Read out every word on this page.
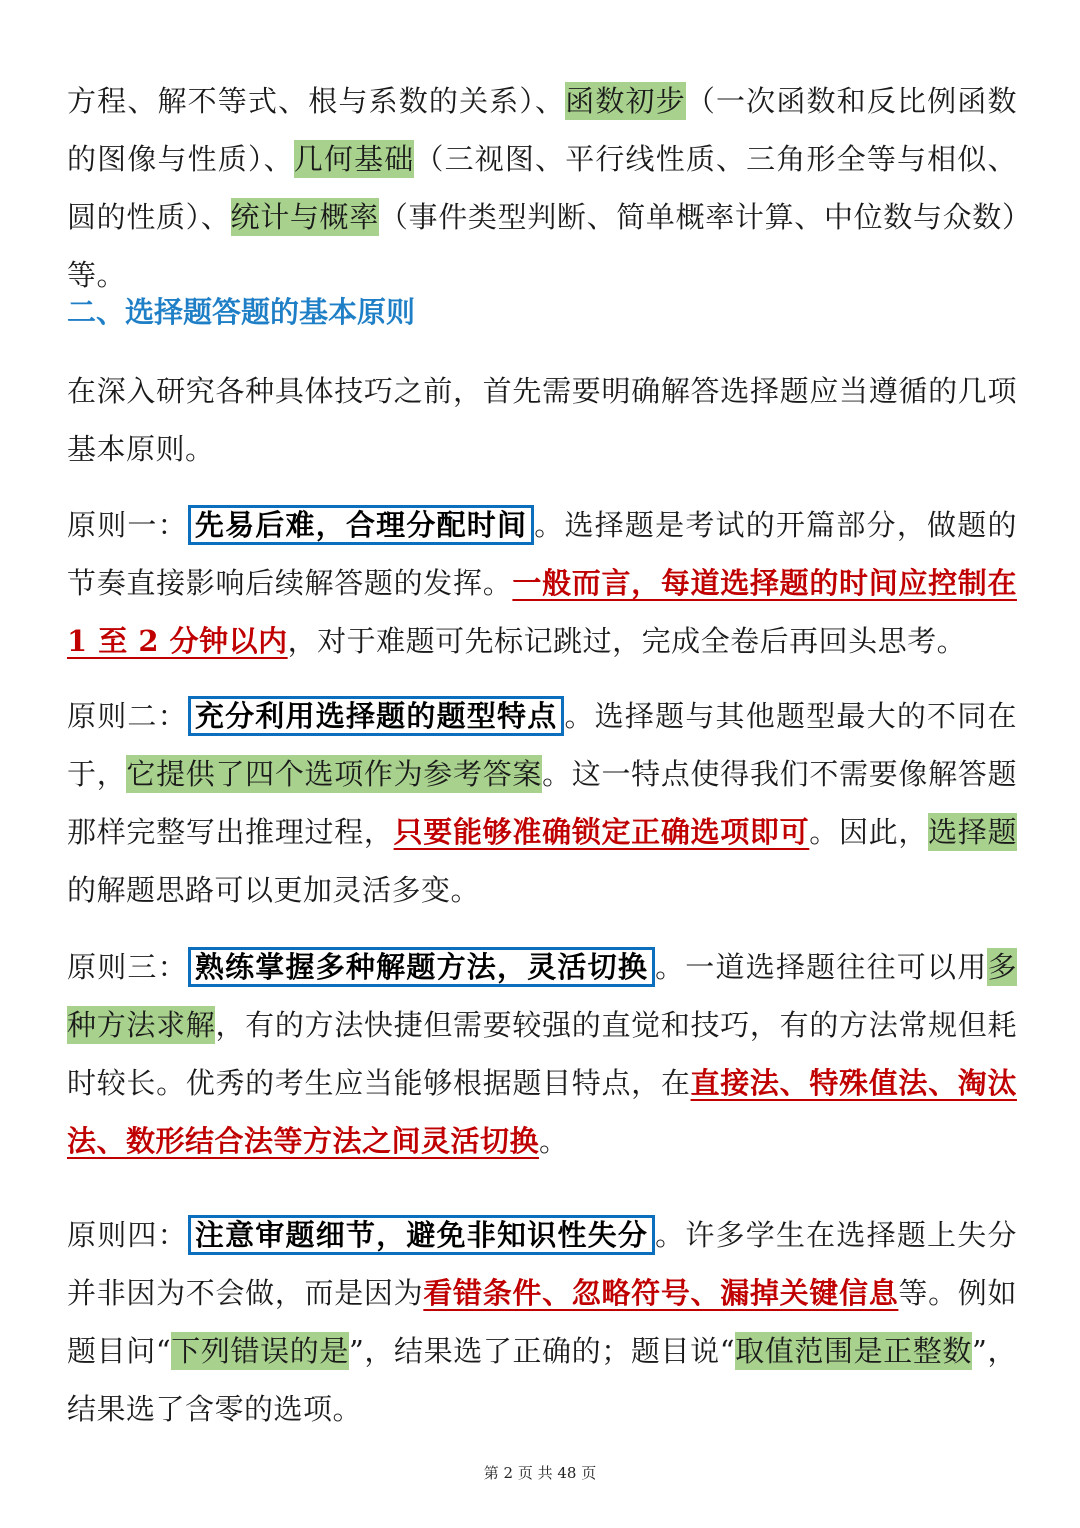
方程、解不等式、根与系数的关系）、函数初步（一次函数和反比例函数的图像与性质）、几何基础（三视图、平行线性质、三角形全等与相似、圆的性质）、统计与概率（事件类型判断、简单概率计算、中位数与众数）等。

二、选择题答题的基本原则

在深入研究各种具体技巧之前，首先需要明确解答选择题应当遵循的几项基本原则。

原则一： 先易后难，合理分配时间 。选择题是考试的开篇部分，做题的节奏直接影响后续解答题的发挥。一般而言，每道选择题的时间应控制在 1 至 2 分钟以内，对于难题可先标记跳过，完成全卷后再回头思考。

原则二： 充分利用选择题的题型特点 。选择题与其他题型最大的不同在于，它提供了四个选项作为参考答案。这一特点使得我们不需要像解答题那样完整写出推理过程，只要能够准确锁定正确选项即可。因此，选择题的解题思路可以更加灵活多变。

原则三： 熟练掌握多种解题方法，灵活切换 。一道选择题往往可以用多种方法求解，有的方法快捷但需要较强的直觉和技巧，有的方法常规但耗时较长。优秀的考生应当能够根据题目特点，在直接法、特殊值法、淘汰法、数形结合法等方法之间灵活切换。

原则四： 注意审题细节，避免非知识性失分 。许多学生在选择题上失分并非因为不会做，而是因为看错条件、忽略符号、漏掉关键信息等。例如题目问“下列错误的是”，结果选了正确的；题目说“取值范围是正整数”，结果选了含零的选项。

第 2 页 共 48 页
